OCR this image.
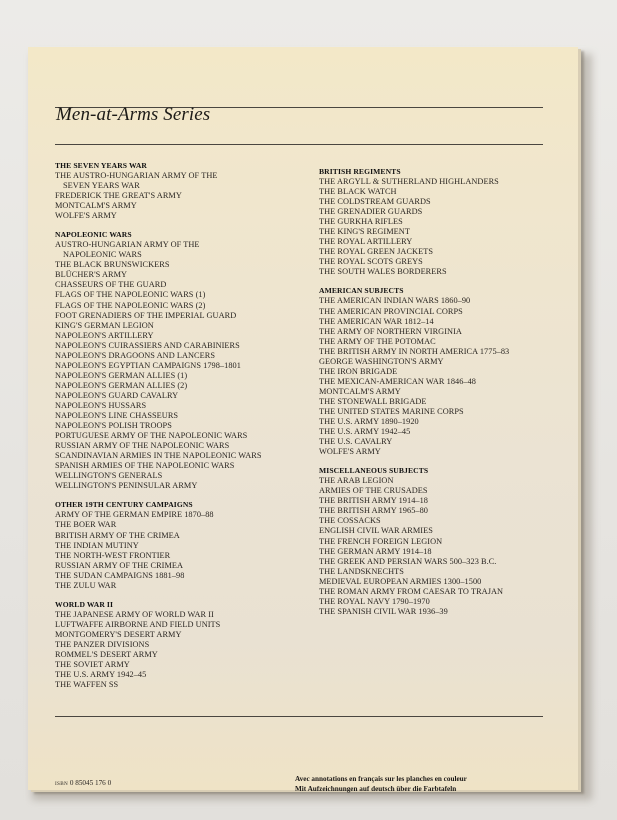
Men-at-Arms Series
THE SEVEN YEARS WAR
THE AUSTRO-HUNGARIAN ARMY OF THE
SEVEN YEARS WAR
FREDERICK THE GREAT'S ARMY
MONTCALM'S ARMY
WOLFE'S ARMY
NAPOLEONIC WARS
AUSTRO-HUNGARIAN ARMY OF THE
NAPOLEONIC WARS
THE BLACK BRUNSWICKERS
BLÜCHER'S ARMY
CHASSEURS OF THE GUARD
FLAGS OF THE NAPOLEONIC WARS (1)
FLAGS OF THE NAPOLEONIC WARS (2)
FOOT GRENADIERS OF THE IMPERIAL GUARD
KING'S GERMAN LEGION
NAPOLEON'S ARTILLERY
NAPOLEON'S CUIRASSIERS AND CARABINIERS
NAPOLEON'S DRAGOONS AND LANCERS
NAPOLEON'S EGYPTIAN CAMPAIGNS 1798–1801
NAPOLEON'S GERMAN ALLIES (1)
NAPOLEON'S GERMAN ALLIES (2)
NAPOLEON'S GUARD CAVALRY
NAPOLEON'S HUSSARS
NAPOLEON'S LINE CHASSEURS
NAPOLEON'S POLISH TROOPS
PORTUGUESE ARMY OF THE NAPOLEONIC WARS
RUSSIAN ARMY OF THE NAPOLEONIC WARS
SCANDINAVIAN ARMIES IN THE NAPOLEONIC WARS
SPANISH ARMIES OF THE NAPOLEONIC WARS
WELLINGTON'S GENERALS
WELLINGTON'S PENINSULAR ARMY
OTHER 19TH CENTURY CAMPAIGNS
ARMY OF THE GERMAN EMPIRE 1870–88
THE BOER WAR
BRITISH ARMY OF THE CRIMEA
THE INDIAN MUTINY
THE NORTH-WEST FRONTIER
RUSSIAN ARMY OF THE CRIMEA
THE SUDAN CAMPAIGNS 1881–98
THE ZULU WAR
WORLD WAR II
THE JAPANESE ARMY OF WORLD WAR II
LUFTWAFFE AIRBORNE AND FIELD UNITS
MONTGOMERY'S DESERT ARMY
THE PANZER DIVISIONS
ROMMEL'S DESERT ARMY
THE SOVIET ARMY
THE U.S. ARMY 1942–45
THE WAFFEN SS
BRITISH REGIMENTS
THE ARGYLL & SUTHERLAND HIGHLANDERS
THE BLACK WATCH
THE COLDSTREAM GUARDS
THE GRENADIER GUARDS
THE GURKHA RIFLES
THE KING'S REGIMENT
THE ROYAL ARTILLERY
THE ROYAL GREEN JACKETS
THE ROYAL SCOTS GREYS
THE SOUTH WALES BORDERERS
AMERICAN SUBJECTS
THE AMERICAN INDIAN WARS 1860–90
THE AMERICAN PROVINCIAL CORPS
THE AMERICAN WAR 1812–14
THE ARMY OF NORTHERN VIRGINIA
THE ARMY OF THE POTOMAC
THE BRITISH ARMY IN NORTH AMERICA 1775–83
GEORGE WASHINGTON'S ARMY
THE IRON BRIGADE
THE MEXICAN-AMERICAN WAR 1846–48
MONTCALM'S ARMY
THE STONEWALL BRIGADE
THE UNITED STATES MARINE CORPS
THE U.S. ARMY 1890–1920
THE U.S. ARMY 1942–45
THE U.S. CAVALRY
WOLFE'S ARMY
MISCELLANEOUS SUBJECTS
THE ARAB LEGION
ARMIES OF THE CRUSADES
THE BRITISH ARMY 1914–18
THE BRITISH ARMY 1965–80
THE COSSACKS
ENGLISH CIVIL WAR ARMIES
THE FRENCH FOREIGN LEGION
THE GERMAN ARMY 1914–18
THE GREEK AND PERSIAN WARS 500–323 B.C.
THE LANDSKNECHTS
MEDIEVAL EUROPEAN ARMIES 1300–1500
THE ROMAN ARMY FROM CAESAR TO TRAJAN
THE ROYAL NAVY 1790–1970
THE SPANISH CIVIL WAR 1936–39
ISBN 0 85045 176 0	Avec annotations en français sur les planches en couleur
Mit Aufzeichnungen auf deutsch über die Farbtafeln
